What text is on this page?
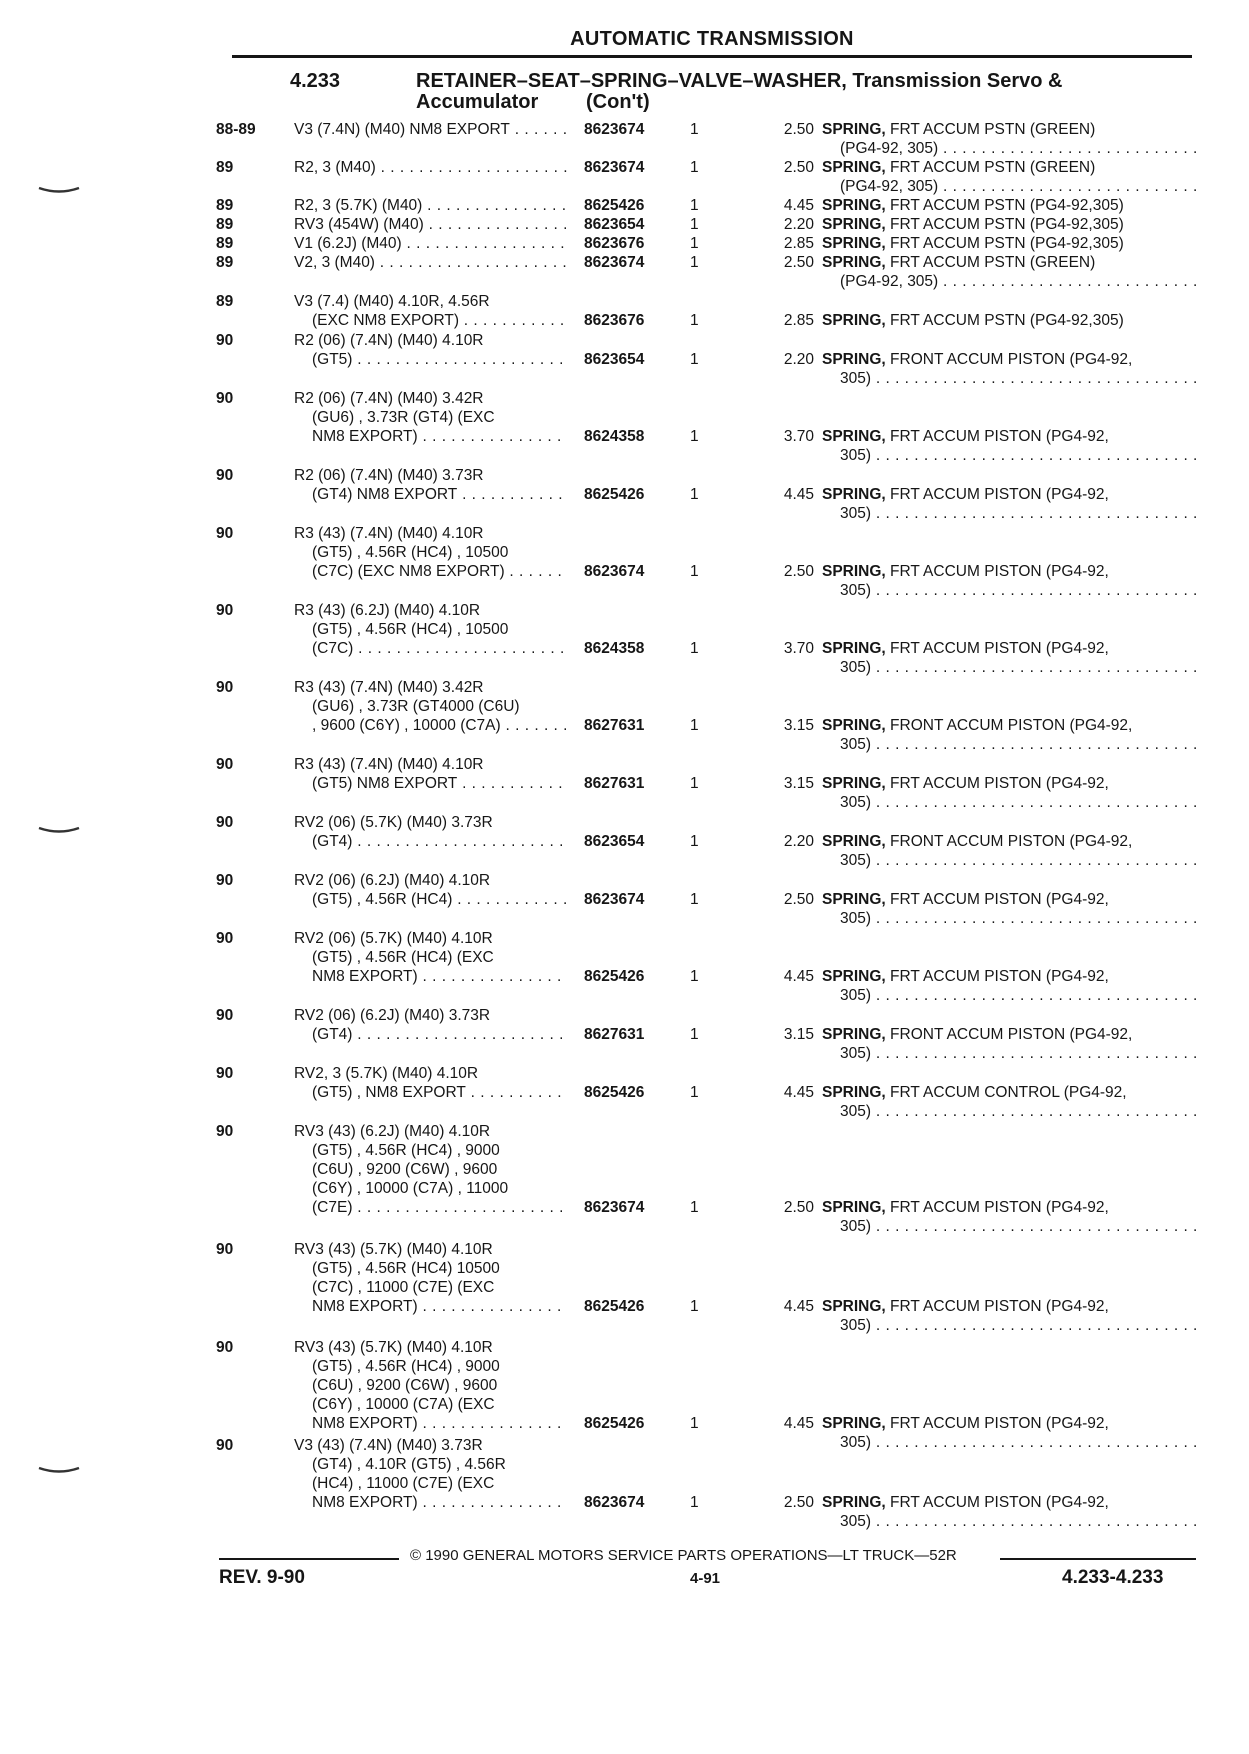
AUTOMATIC TRANSMISSION
4.233	RETAINER–SEAT–SPRING–VALVE–WASHER, Transmission Servo &
Accumulator (Con't)
88-89 V3 (7.4N) (M40) NM8 EXPORT . . .	8623674	1	2.50 SPRING, FRT ACCUM PSTN (GREEN)
(PG4-92, 305) . . .
89	R2, 3 (M40) . . .	8623674	1	2.50 SPRING, FRT ACCUM PSTN (GREEN)
(PG4-92, 305) . . .
89	R2, 3 (5.7K) (M40) . . .	8625426	1	4.45 SPRING, FRT ACCUM PSTN (PG4-92,305)
89	RV3 (454W) (M40) . . .	8623654	1	2.20 SPRING, FRT ACCUM PSTN (PG4-92,305)
89	V1 (6.2J) (M40) . . .	8623676	1	2.85 SPRING, FRT ACCUM PSTN (PG4-92,305)
89	V2, 3 (M40) . . .	8623674	1	2.50 SPRING, FRT ACCUM PSTN (GREEN)
(PG4-92, 305) . . .
89	V3 (7.4) (M40) 4.10R, 4.56R
(EXC NM8 EXPORT) . . .	8623676	1	2.85 SPRING, FRT ACCUM PSTN (PG4-92,305)
90	R2 (06) (7.4N) (M40) 4.10R
(GT5) . . .	8623654	1	2.20 SPRING, FRONT ACCUM PISTON (PG4-92,
305) . . .
90	R2 (06) (7.4N) (M40) 3.42R
(GU6) , 3.73R (GT4) (EXC
NM8 EXPORT) . . .	8624358	1	3.70 SPRING, FRT ACCUM PISTON (PG4-92,
305) . . .
90	R2 (06) (7.4N) (M40) 3.73R
(GT4) NM8 EXPORT . . .	8625426	1	4.45 SPRING, FRT ACCUM PISTON (PG4-92,
305) . . .
90	R3 (43) (7.4N) (M40) 4.10R
(GT5) , 4.56R (HC4) , 10500
(C7C) (EXC NM8 EXPORT) . . .	8623674	1	2.50 SPRING, FRT ACCUM PISTON (PG4-92,
305) . . .
90	R3 (43) (6.2J) (M40) 4.10R
(GT5) , 4.56R (HC4) , 10500
(C7C) . . .	8624358	1	3.70 SPRING, FRT ACCUM PISTON (PG4-92,
305) . . .
90	R3 (43) (7.4N) (M40) 3.42R
(GU6) , 3.73R (GT4000 (C6U)
, 9600 (C6Y) , 10000 (C7A) . . .	8627631	1	3.15 SPRING, FRONT ACCUM PISTON (PG4-92,
305) . . .
90	R3 (43) (7.4N) (M40) 4.10R
(GT5) NM8 EXPORT . . .	8627631	1	3.15 SPRING, FRT ACCUM PISTON (PG4-92,
305) . . .
90	RV2 (06) (5.7K) (M40) 3.73R
(GT4) . . .	8623654	1	2.20 SPRING, FRONT ACCUM PISTON (PG4-92,
305) . . .
90	RV2 (06) (6.2J) (M40) 4.10R
(GT5) , 4.56R (HC4) . . .	8623674	1	2.50 SPRING, FRT ACCUM PISTON (PG4-92,
305) . . .
90	RV2 (06) (5.7K) (M40) 4.10R
(GT5) , 4.56R (HC4) (EXC
NM8 EXPORT) . . .	8625426	1	4.45 SPRING, FRT ACCUM PISTON (PG4-92,
305) . . .
90	RV2 (06) (6.2J) (M40) 3.73R
(GT4) . . .	8627631	1	3.15 SPRING, FRONT ACCUM PISTON (PG4-92,
305) . . .
90	RV2, 3 (5.7K) (M40) 4.10R
(GT5) , NM8 EXPORT . . .	8625426	1	4.45 SPRING, FRT ACCUM CONTROL (PG4-92,
305) . . .
90	RV3 (43) (6.2J) (M40) 4.10R
(GT5) , 4.56R (HC4) , 9000
(C6U) , 9200 (C6W) , 9600
(C6Y) , 10000 (C7A) , 11000
(C7E) . . .	8623674	1	2.50 SPRING, FRT ACCUM PISTON (PG4-92,
305) . . .
90	RV3 (43) (5.7K) (M40) 4.10R
(GT5) , 4.56R (HC4) 10500
(C7C) , 11000 (C7E) (EXC
NM8 EXPORT) . . .	8625426	1	4.45 SPRING, FRT ACCUM PISTON (PG4-92,
305) . . .
90	RV3 (43) (5.7K) (M40) 4.10R
(GT5) , 4.56R (HC4) , 9000
(C6U) , 9200 (C6W) , 9600
(C6Y) , 10000 (C7A) (EXC
NM8 EXPORT) . . .	8625426	1	4.45 SPRING, FRT ACCUM PISTON (PG4-92,
305) . . .
90	V3 (43) (7.4N) (M40) 3.73R
(GT4) , 4.10R (GT5) , 4.56R
(HC4) , 11000 (C7E) (EXC
NM8 EXPORT) . . .	8623674	1	2.50 SPRING, FRT ACCUM PISTON (PG4-92,
305) . . .
© 1990 GENERAL MOTORS SERVICE PARTS OPERATIONS—LT TRUCK—52R
REV. 9-90	4-91	4.233-4.233
